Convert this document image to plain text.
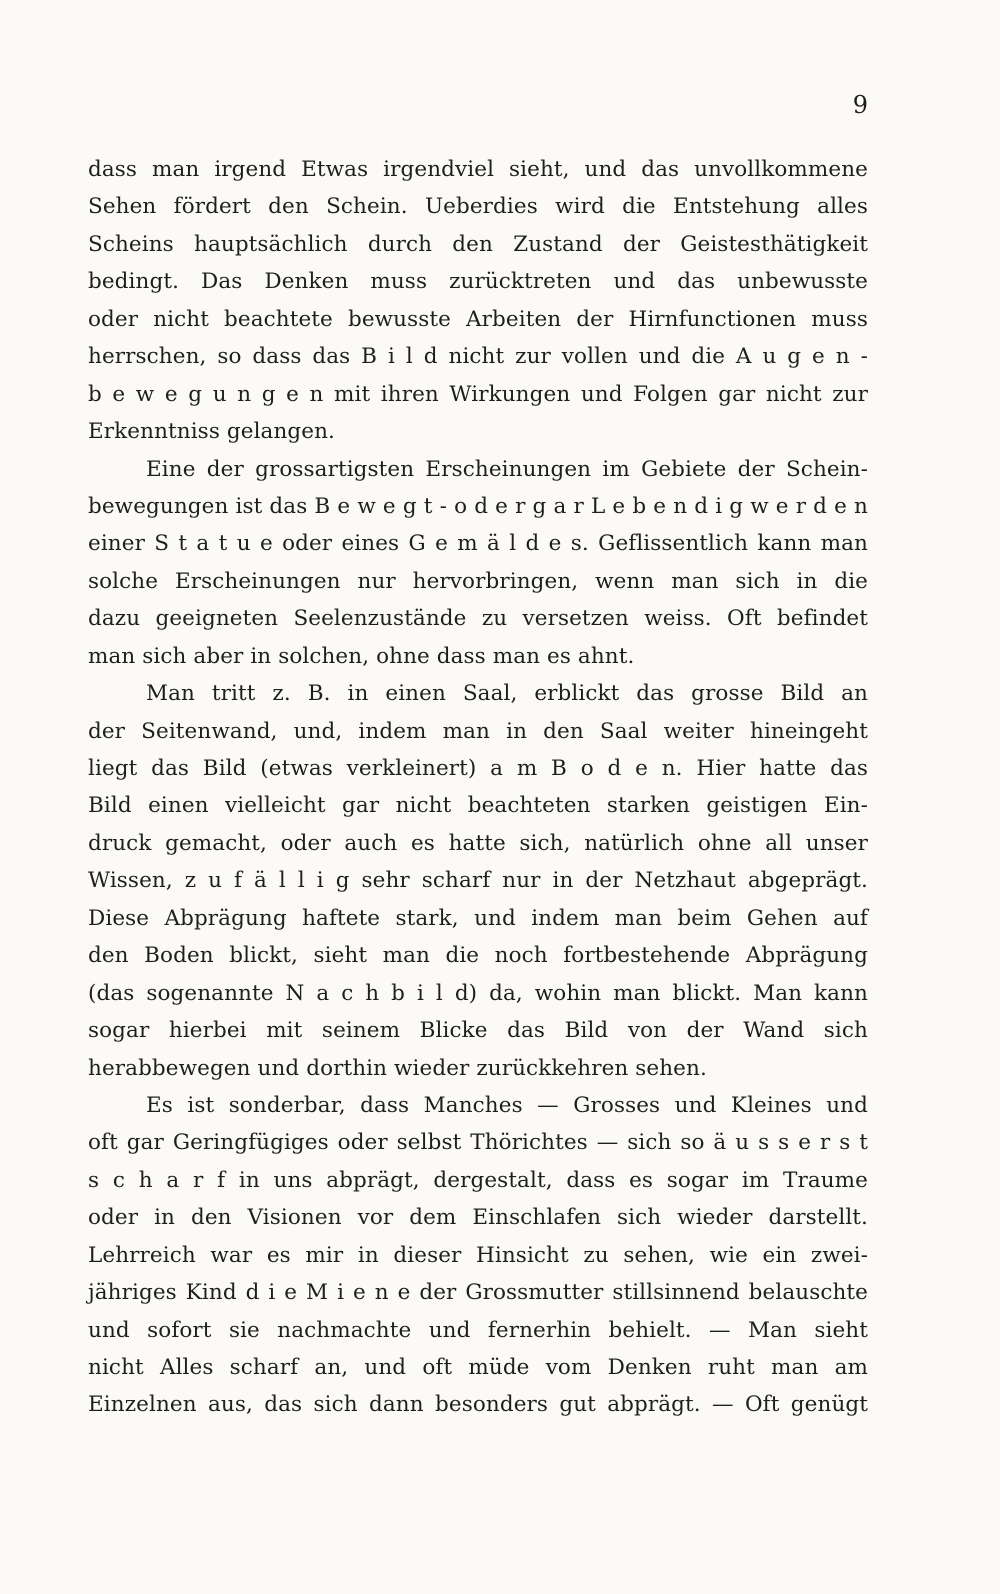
9
dass man irgend Etwas irgendviel sieht, und das unvollkommene
Sehen fördert den Schein. Ueberdies wird die Entstehung alles
Scheins hauptsächlich durch den Zustand der Geistesthätigkeit
bedingt. Das Denken muss zurücktreten und das unbewusste
oder nicht beachtete bewusste Arbeiten der Hirnfunctionen muss
herrschen, so dass das B i l d nicht zur vollen und die A u g e n -
b e w e g u n g e n mit ihren Wirkungen und Folgen gar nicht zur
Erkenntniss gelangen.
Eine der grossartigsten Erscheinungen im Gebiete der Schein-
bewegungen ist das B e w e g t - o d e r g a r L e b e n d i g w e r d e n
einer S t a t u e oder eines G e m ä l d e s. Geflissentlich kann man
solche Erscheinungen nur hervorbringen, wenn man sich in die
dazu geeigneten Seelenzustände zu versetzen weiss. Oft befindet
man sich aber in solchen, ohne dass man es ahnt.
Man tritt z. B. in einen Saal, erblickt das grosse Bild an
der Seitenwand, und, indem man in den Saal weiter hineingeht
liegt das Bild (etwas verkleinert) a m B o d e n. Hier hatte das
Bild einen vielleicht gar nicht beachteten starken geistigen Ein-
druck gemacht, oder auch es hatte sich, natürlich ohne all unser
Wissen, z u f ä l l i g sehr scharf nur in der Netzhaut abgeprägt.
Diese Abprägung haftete stark, und indem man beim Gehen auf
den Boden blickt, sieht man die noch fortbestehende Abprägung
(das sogenannte N a c h b i l d) da, wohin man blickt. Man kann
sogar hierbei mit seinem Blicke das Bild von der Wand sich
herabbewegen und dorthin wieder zurückkehren sehen.
Es ist sonderbar, dass Manches — Grosses und Kleines und
oft gar Geringfügiges oder selbst Thörichtes — sich so ä u s s e r s t
s c h a r f in uns abprägt, dergestalt, dass es sogar im Traume
oder in den Visionen vor dem Einschlafen sich wieder darstellt.
Lehrreich war es mir in dieser Hinsicht zu sehen, wie ein zwei-
jähriges Kind d i e M i e n e der Grossmutter stillsinnend belauschte
und sofort sie nachmachte und fernerhin behielt. — Man sieht
nicht Alles scharf an, und oft müde vom Denken ruht man am
Einzelnen aus, das sich dann besonders gut abprägt. — Oft genügt
